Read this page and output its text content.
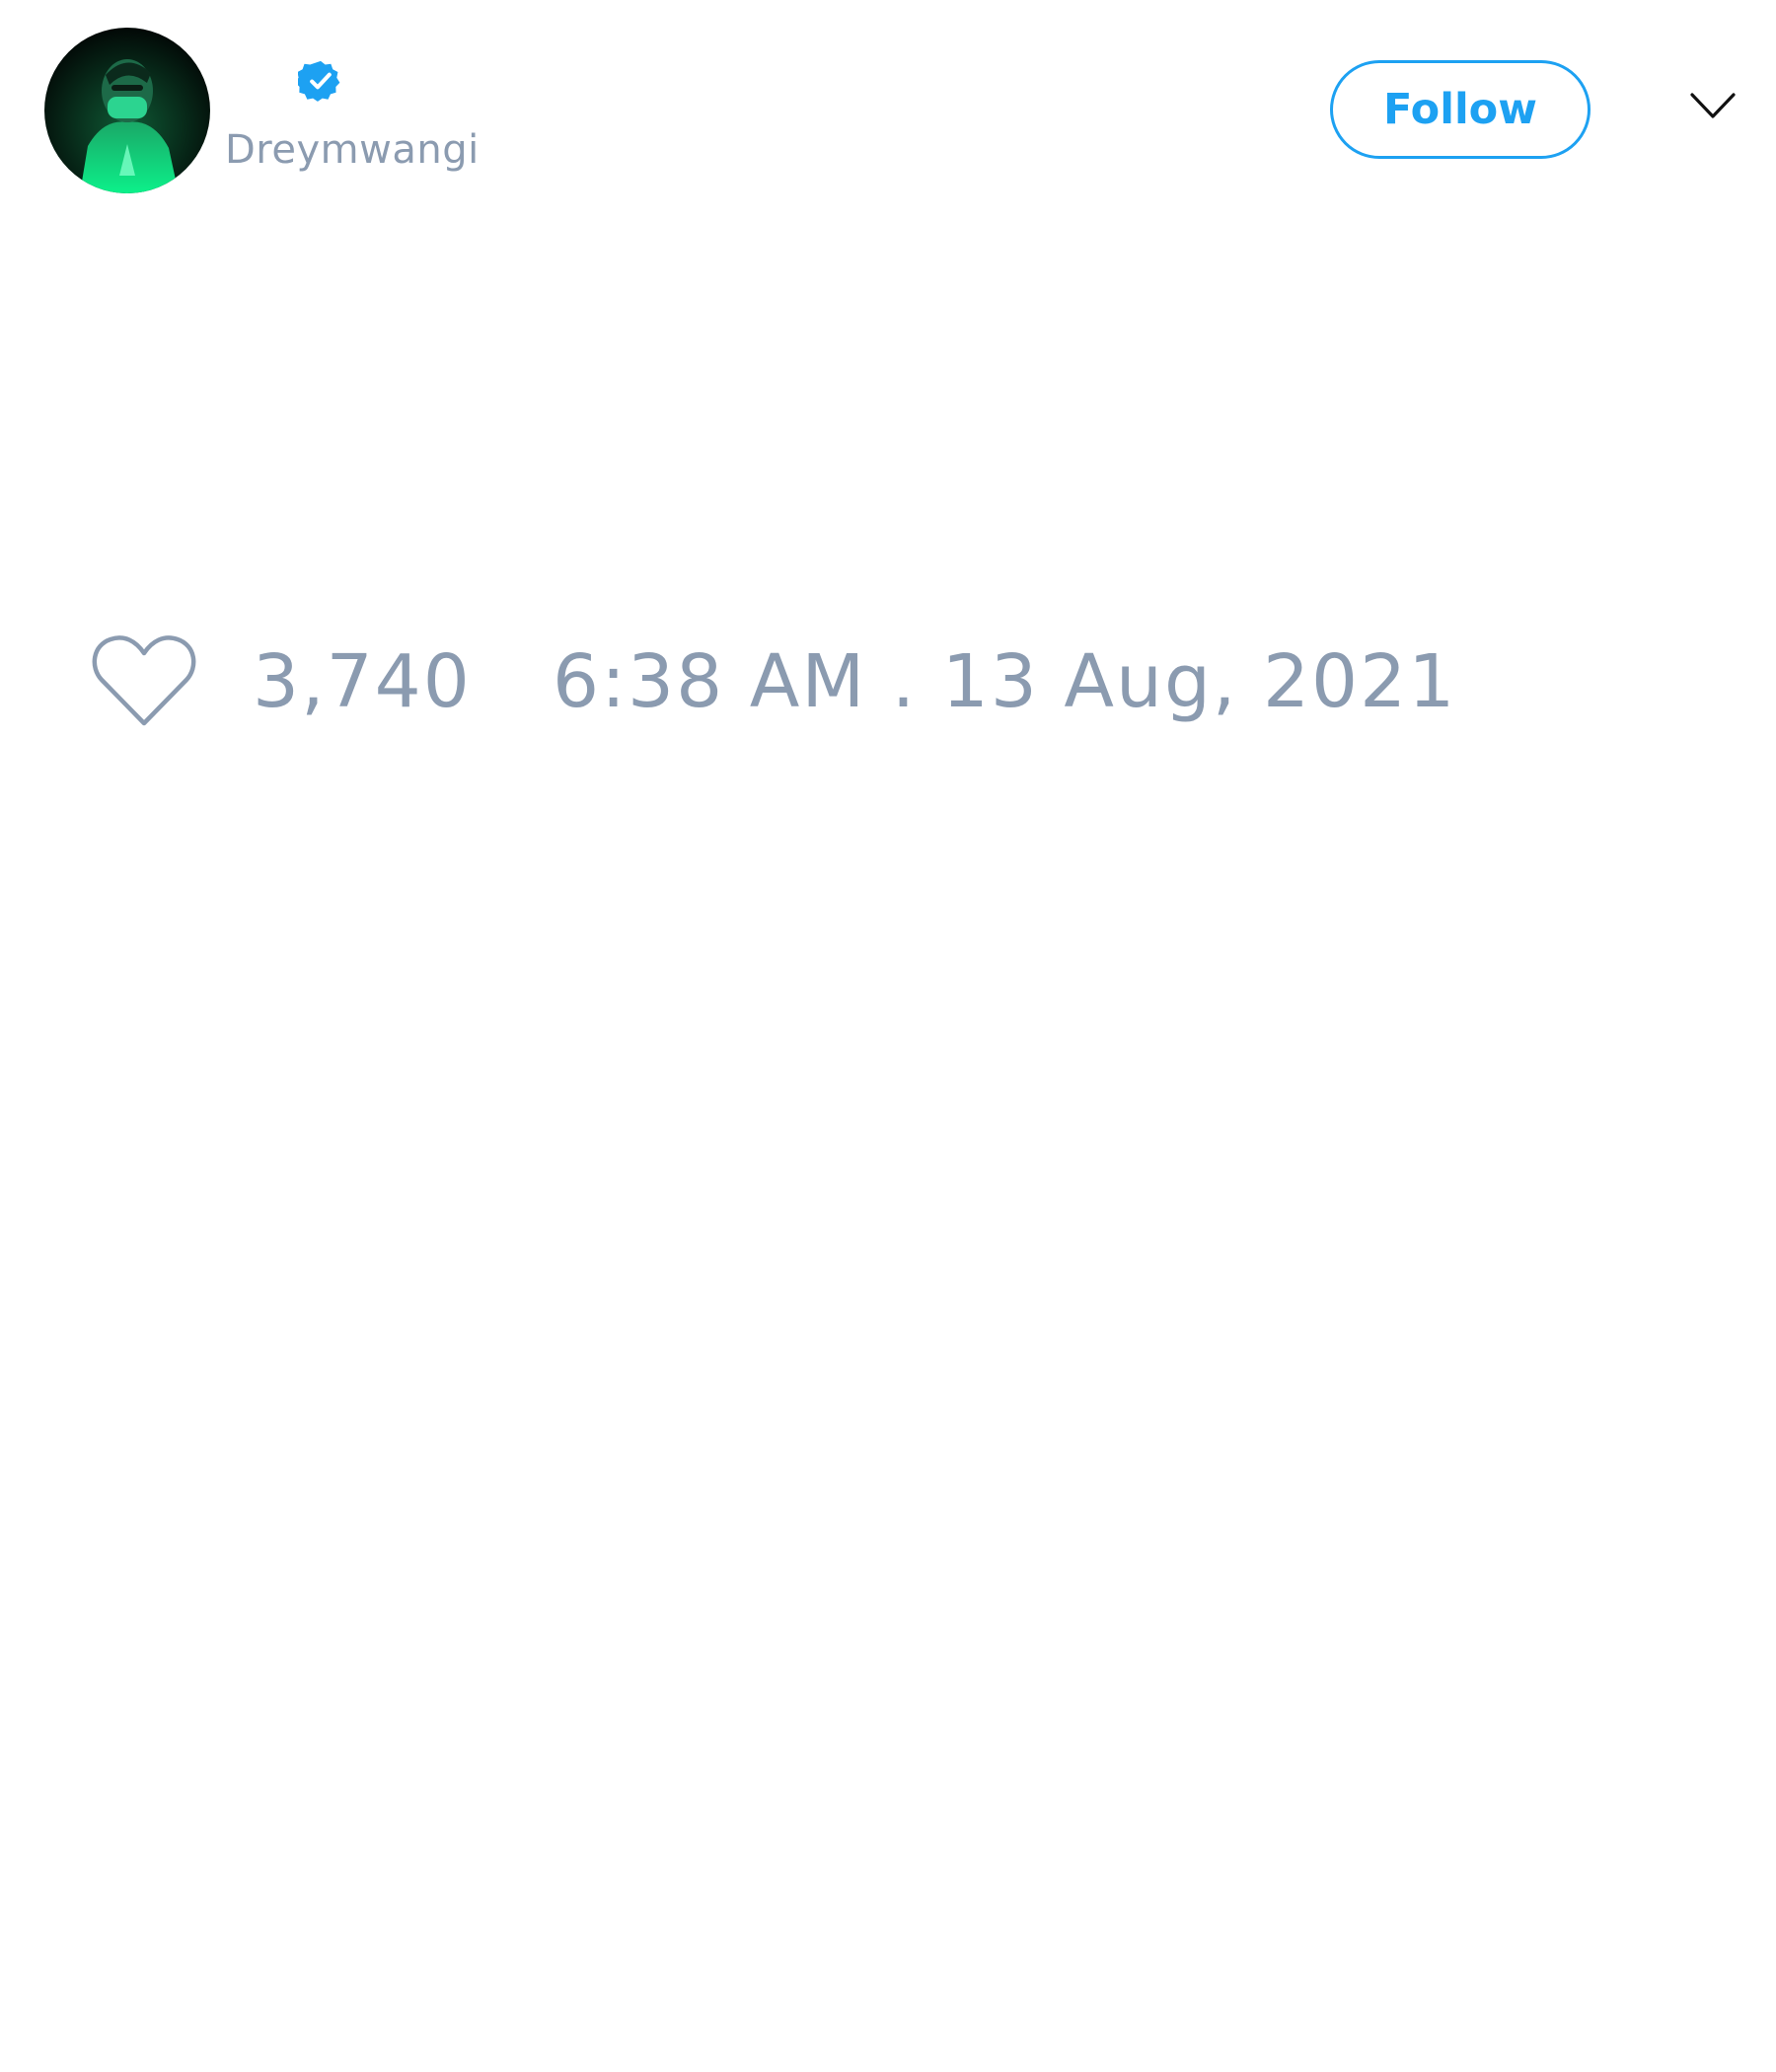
Dreymwangi
Follow
3,740 6:38 AM . 13 Aug, 2021
